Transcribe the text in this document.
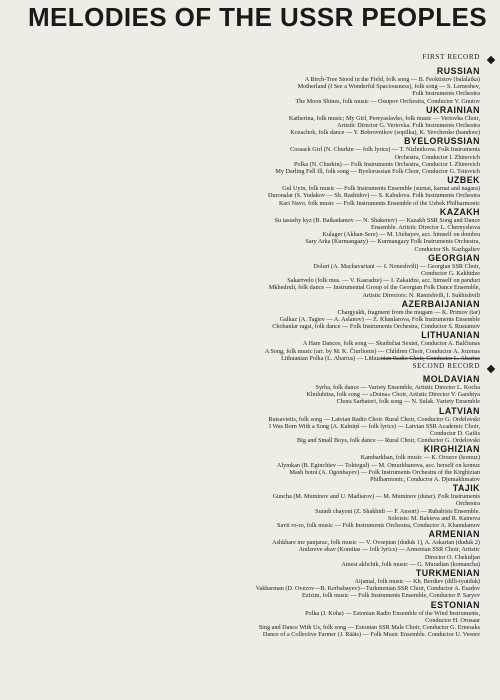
MELODIES OF THE USSR PEOPLES
FIRST RECORD
RUSSIAN
A Birch-Tree Stood in the Field, folk song — B. Feoktistov (balalaika)
Motherland (I See a Wonderful Spaciousness), folk song — S. Lemeshev,
Folk Instruments Orchestra
The Moon Shines, folk music — Ossipov Orchestra, Conductor V. Gnutov
UKRAINIAN
Katherina, folk music; My Girl, Pereyaslavko, folk music — Veriovka Choir,
Artistic Director G. Veriovka. Folk Instruments Orchestra
Kozachok, folk dance — Y. Bobrovnikov (sopilka), K. Yevchenko (bandore)
BYELORUSSIAN
Cossack Girl (N. Churkin — folk lyrics) — T. Nizhnikova. Folk Instruments
Orchestra, Conductor I. Zhinovich
Polka (N. Churkin) — Folk Instruments Orchestra, Conductor I. Zhinovich
My Darling Fell Ill, folk song — Byelorussian Folk Choir, Conductor G. Tsitovich
UZBEK
Gul Uyin, folk music — Folk Instruments Ensemble (surnai, karnai and nagara)
Duronalar (S. Yudakov — Sh. Rashidov) — S. Kabulova. Folk Instruments Orchestra
Kari Navo, folk music — Folk Instruments Ensemble of the Uzbek Philharmonic
KAZAKH
Su tasushy kyz (B. Baikadamov — N. Shakenov) — Kazakh SSR Song and Dance
Ensemble. Artistic Director L. Chernyshova
Kulager (Akhan-Sere) — M. Utebayev, acc. himself on dombra
Sary Arka (Kurmangazy) — Kurmangazy Folk Instruments Orchestra,
Conductor Sh. Kazhgaliev
GEORGIAN
Doluri (A. Machavariani — I. Noneshvili) — Georgian SSR Choir,
Conductor G. Kakhidze
Sakartvelo (folk mus. — V. Kasradze) — I. Zakaidze, acc. himself on panduri
Mkhedruli, folk dance — Instrumental Group of the Georgian Folk Dance Ensemble,
Artistic Directors: N. Ramishvili, I. Sukhishvili
AZERBAIJANIAN
Chargyakh, fragment from the mugam — K. Primov (tar)
Galkaz (A. Tagiev — A. Aslanov) — Z. Khanlarova, Folk Instruments Ensemble
Chobanlar ragsi, folk dance — Folk Instruments Orchestra, Conductor S. Rustamov
LITHUANIAN
A Hare Dances, folk song — Skudučiai Sextet, Conductor A. Balčiunas
A Song, folk music (arr. by M. K. Čiurlionis) — Children Choir, Conductor A. Jozenas
Lithuanian Polka (L. Abarius) — Lithuanian Radio Choir, Conductor L. Abarius
SECOND RECORD
MOLDAVIAN
Syrba, folk dance — Variety Ensemble, Artistic Director L. Kocha
Khulubitsa, folk song — «Doina» Choir, Artistic Director V. Garshtya
Chora Sarbatori, folk song — N. Sulak. Variety Ensemble
LATVIAN
Rutsavietis, folk song — Latvian Radio Choir. Rural Choir, Conductor G. Ordelovski
I Was Born With a Song (A. Kalniņš — folk lyrics) — Latvian SSR Academic Choir,
Conductor D. Gailis
Big and Small Boys, folk dance — Rural Choir, Conductor G. Ordelovski
KIRGHIZIAN
Kambarkhan, folk music — K. Orozov (komuz)
Alymkan (B. Eginchiev — Toktogul) — M. Omurkhanova, acc. herself on komuz
Mash botoi (A. Ogonbayev) — Folk Instruments Orchestra of the Kirghizian
Philharmonic, Conductor A. Djumakhmatov
TAJIK
Guncha (M. Muminov and U. Madiarov) — M. Muminov (dutar). Folk Instruments
Orchestra
Suradi chayoni (Z. Shakhidi — F. Ansori) — Rubabists Ensemble.
Soloists: M. Bakieva and R. Kainova
Savti ro-ro, folk music — Folk Instruments Orchestra, Conductor A. Khamdamov
ARMENIAN
Ashkhare me panjarac, folk music — V. Ovsepian (duduk 1), A. Askarian (duduk 2)
Andzreve ekav (Komitas — folk lyrics) — Armenian SSR Choir, Artistic
Director O. Chekidjan
Amest akhchik, folk music — G. Muradian (komancha)
TURKMENIAN
Aijamal, folk music — Kh. Berdiev (dilli-tyuiduk)
Vakharman (D. Ovezov—B. Kerbabayev)—Turkmenian SSR Choir, Conductor A. Esadov
Ezizim, folk music — Folk Instruments Ensemble, Conductor P. Saryev
ESTONIAN
Polka (J. Koha) — Estonian Radio Ensemble of the Wind Instruments,
Conductor H. Orusaar
Sing and Dance With Us, folk song — Estonian SSR Male Choir, Conductor G. Ernesaks
Dance of a Collective Farmer (J. Rääts) — Folk Music Ensemble. Conductor U. Veenre
